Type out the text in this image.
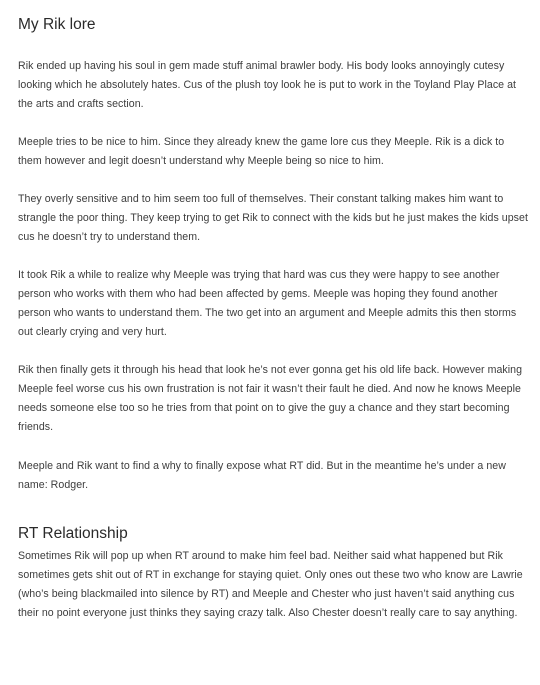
My Rik lore

Rik ended up having his soul in gem made stuff animal brawler body. His body looks annoyingly cutesy looking which he absolutely hates. Cus of the plush toy look he is put to work in the Toyland Play Place at the arts and crafts section.

Meeple tries to be nice to him. Since they already knew the game lore cus they Meeple. Rik is a dick to them however and legit doesn’t understand why Meeple being so nice to him.

They overly sensitive and to him seem too full of themselves. Their constant talking makes him want to strangle the poor thing. They keep trying to get Rik to connect with the kids but he just makes the kids upset cus he doesn’t try to understand them.

It took Rik a while to realize why Meeple was trying that hard was cus they were happy to see another person who works with them who had been affected by gems. Meeple was hoping they found another person who wants to understand them. The two get into an argument and Meeple admits this then storms out clearly crying and very hurt.

Rik then finally gets it through his head that look he’s not ever gonna get his old life back. However making Meeple feel worse cus his own frustration is not fair it wasn’t their fault he died. And now he knows Meeple needs someone else too so he tries from that point on to give the guy a chance and they start becoming friends.

Meeple and Rik want to find a why to finally expose what RT did. But in the meantime he’s under a new name: Rodger.

RT Relationship

Sometimes Rik will pop up when RT around to make him feel bad. Neither said what happened but Rik sometimes gets shit out of RT in exchange for staying quiet. Only ones out these two who know are Lawrie (who’s being blackmailed into silence by RT) and Meeple and Chester who just haven’t said anything cus their no point everyone just thinks they saying crazy talk. Also Chester doesn’t really care to say anything.
